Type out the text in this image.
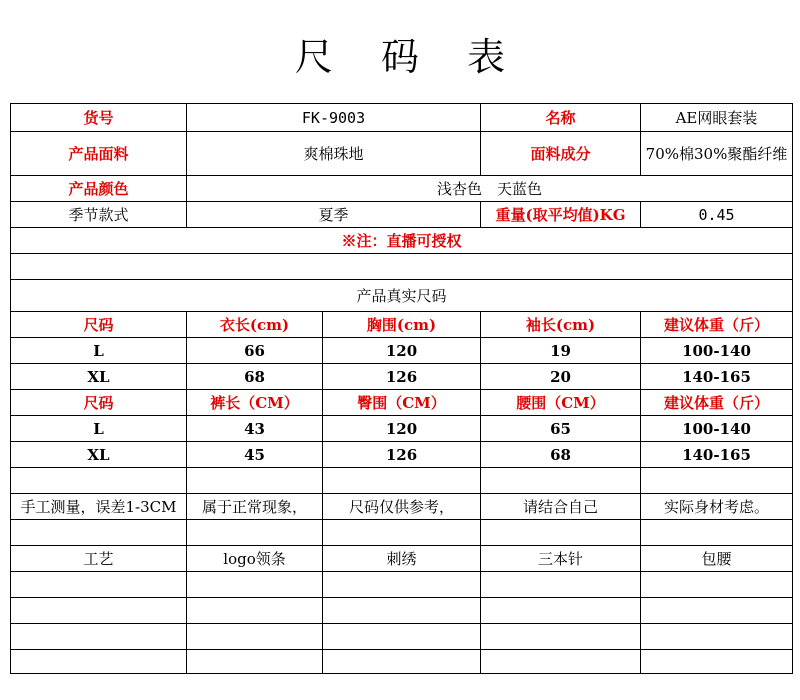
尺 码 表
货号	FK-9003		名称	AE网眼套装
产品面料	爽棉珠地		面料成分	70%棉30%聚酯纤维
产品颜色	浅杏色　天蓝色			
季节款式	夏季		重量(取平均值)KG	0.45
※注：直播可授权				

产品真实尺码				
尺码	衣长(cm)	胸围(cm)	袖长(cm)	建议体重（斤）
L	66	120	19	100-140
XL	68	126	20	140-165
尺码	裤长（CM）	臀围（CM）	腰围（CM）	建议体重（斤）
L	43	120	65	100-140
XL	45	126	68	140-165

手工测量，误差1-3CM	属于正常现象，	尺码仅供参考，	请结合自己	实际身材考虑。

工艺	logo领条	刺绣	三本针	包腰
